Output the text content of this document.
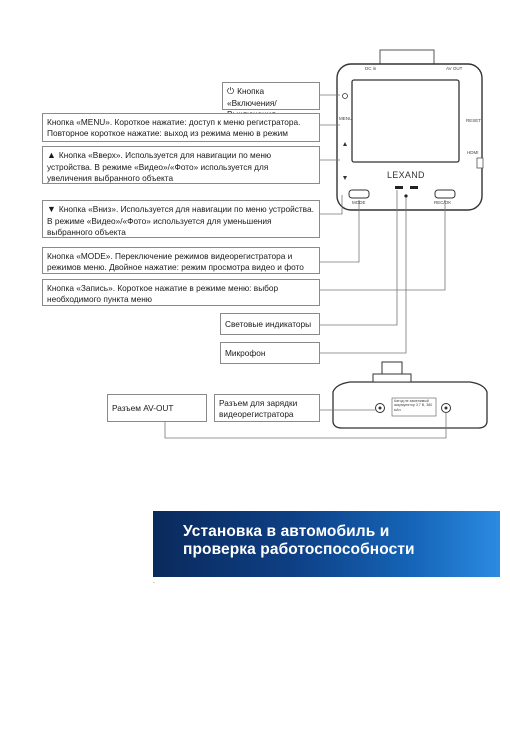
DC in	AV OUT
MENU	RESET
HDMI
LEXAND
MODE	REC/OK
Катод не заменимый аккумулятор 3,7 В, 380 мАч
⏻ Кнопка «Включения/
Кнопка «MENU». Короткое нажатие: доступ к меню регистратора. Повторное короткое нажатие: выход из режима меню в режим
▲ Кнопка «Вверх». Используется для навигации по меню устройства. В режиме «Видео»/«Фото» используется для увеличения выбранного объекта
▼ Кнопка «Вниз». Используется для навигации по меню устройства. В режиме «Видео»/«Фото» используется для уменьшения выбранного объекта
Кнопка «MODE». Переключение режимов видеорегистратора и режимов меню. Двойное нажатие: режим просмотра видео и фото
Кнопка «Запись». Короткое нажатие в режиме меню: выбор необходимого пункта меню
Световые индикаторы
Микрофон
Разъем AV-OUT	Разъем для зарядки видеорегистратора
Установка в автомобиль и
проверка работоспособности
.
